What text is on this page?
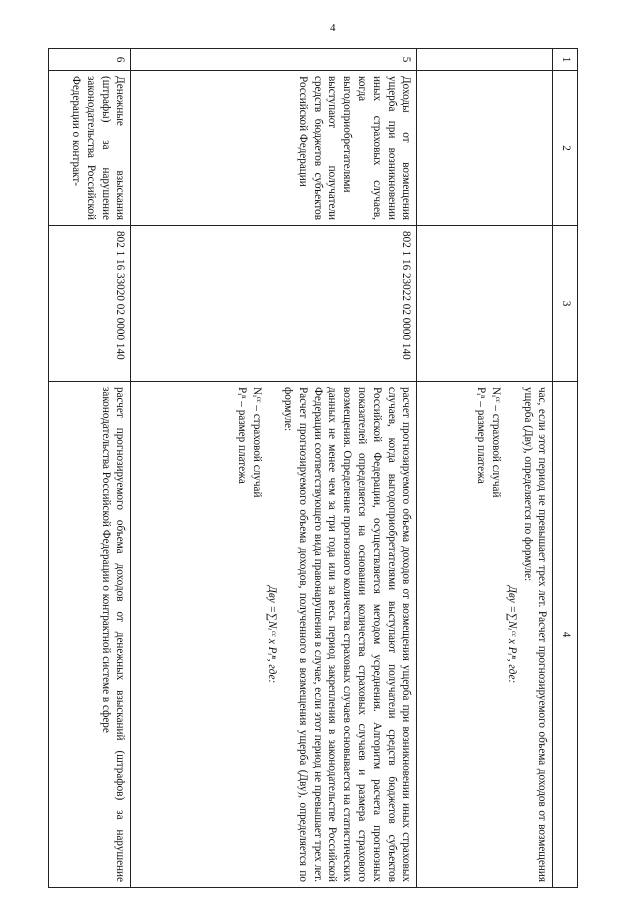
4
1	2	3	4

			час, если этот период не превышает трех лет. Расчет прогнозируемого объема доходов от возмещения ущерба (Дву), определяется по формуле:
Дву =∑Nᵢᶜᶜ x Pᵢⁿ, где:
Nᵢᶜᶜ – страховой случай
Pᵢⁿ – размер платежа

5	Доходы от возмещения ущерба при возникновении иных страховых случаев, когда выгодоприобретателями выступают получатели средств бюджетов субъектов Российской Федерации	802 1 16 23022 02 0000 140	расчет прогнозируемого объема доходов от возмещения ущерба при возникновении иных страховых случаев, когда выгодоприобретателями выступают получатели средств бюджетов субъектов Российской Федерации, осуществляется методом усреднения. Алгоритм расчета прогнозных показателей определяется на основании количества страховых случаев и размера страхового возмещения. Определение прогнозного количества страховых случаев основывается на статистических данных не менее чем за три года или за весь период закрепления в законодательстве Российской Федерации соответствующего вида правонарушения в случае, если этот период не превышает трех лет. Расчет прогнозируемого объема доходов, полученного в возмещения ущерба (Дву), определяется по формуле:
Дву =∑Nᵢᶜᶜ x Pᵢⁿ, где:
Nᵢᶜᶜ – страховой случай
Pᵢⁿ – размер платежа

6	Денежные взыскания (штрафы) за нарушение законодательства Российской Федерации о контракт-	802 1 16 33020 02 0000 140	расчет прогнозируемого объема доходов от денежных взысканий (штрафов) за нарушение законодательства Российской Федерации о контрактной системе в сфере
